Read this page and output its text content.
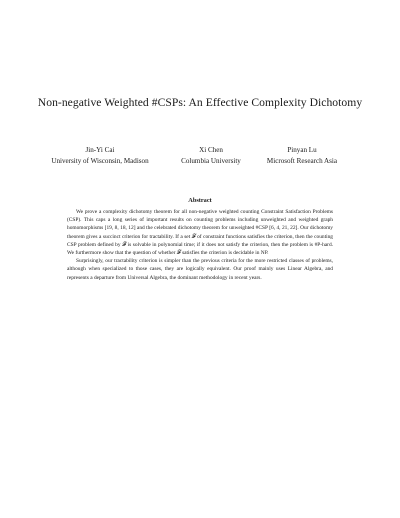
Non-negative Weighted #CSPs: An Effective Complexity Dichotomy
Jin-Yi Cai
University of Wisconsin, Madison
Xi Chen
Columbia University
Pinyan Lu
Microsoft Research Asia
Abstract

We prove a complexity dichotomy theorem for all non-negative weighted counting Constraint Satisfaction Problems (CSP). This caps a long series of important results on counting problems including unweighted and weighted graph homomorphisms [19, 8, 18, 12] and the celebrated dichotomy theorem for unweighted #CSP [6, 4, 21, 22]. Our dichotomy theorem gives a succinct criterion for tractability. If a set 𝓕 of constraint functions satisfies the criterion, then the counting CSP problem defined by 𝓕 is solvable in polynomial time; if it does not satisfy the criterion, then the problem is #P-hard. We furthermore show that the question of whether 𝓕 satisfies the criterion is decidable in NP.

Surprisingly, our tractability criterion is simpler than the previous criteria for the more restricted classes of problems, although when specialized to those cases, they are logically equivalent. Our proof mainly uses Linear Algebra, and represents a departure from Universal Algebra, the dominant methodology in recent years.
